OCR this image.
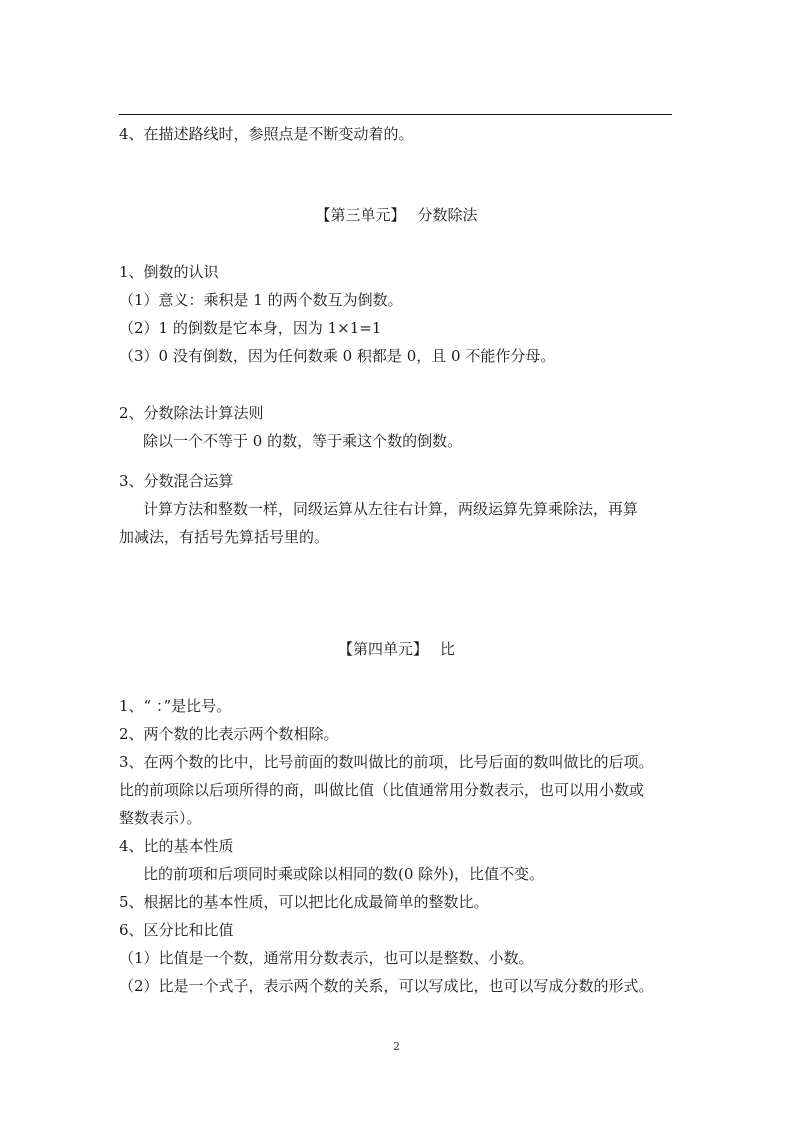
4、在描述路线时，参照点是不断变动着的。
【第三单元】 分数除法
1、倒数的认识
（1）意义：乘积是 1 的两个数互为倒数。
（2）1 的倒数是它本身，因为 1×1=1
（3）0 没有倒数，因为任何数乘 0 积都是 0，且 0 不能作分母。
2、分数除法计算法则
除以一个不等于 0 的数，等于乘这个数的倒数。
3、分数混合运算
计算方法和整数一样，同级运算从左往右计算，两级运算先算乘除法，再算
加减法，有括号先算括号里的。
【第四单元】 比
1、“ ：”是比号。
2、两个数的比表示两个数相除。
3、在两个数的比中，比号前面的数叫做比的前项，比号后面的数叫做比的后项。
比的前项除以后项所得的商，叫做比值（比值通常用分数表示，也可以用小数或
整数表示）。
4、比的基本性质
比的前项和后项同时乘或除以相同的数(0 除外)，比值不变。
5、根据比的基本性质，可以把比化成最简单的整数比。
6、区分比和比值
（1）比值是一个数，通常用分数表示，也可以是整数、小数。
（2）比是一个式子，表示两个数的关系，可以写成比，也可以写成分数的形式。
2
